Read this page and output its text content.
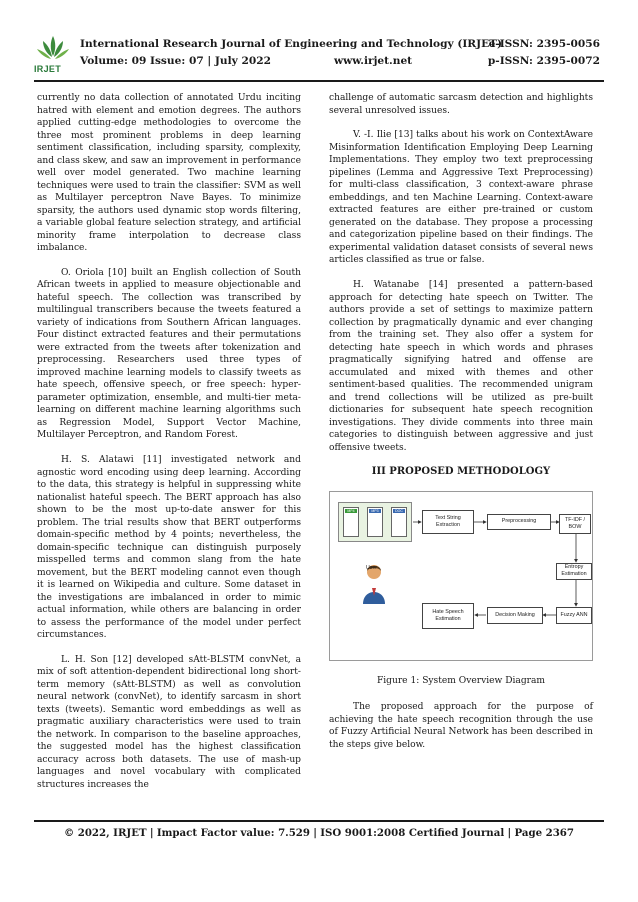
IRJET
International Research Journal of Engineering and Technology (IRJET)
e-ISSN: 2395-0056
Volume: 09 Issue: 07 | July 2022	www.irjet.net	p-ISSN: 2395-0072

currently no data collection of annotated Urdu inciting hatred with element and emotion degrees. The authors applied cutting-edge methodologies to overcome the three most prominent problems in deep learning sentiment classification, including sparsity, complexity, and class skew, and saw an improvement in performance well over model generated. Two machine learning techniques were used to train the classifier: SVM as well as Multilayer perceptron Nave Bayes. To minimize sparsity, the authors used dynamic stop words filtering, a variable global feature selection strategy, and artificial minority frame interpolation to decrease class imbalance.

O. Oriola [10] built an English collection of South African tweets in applied to measure objectionable and hateful speech. The collection was transcribed by multilingual transcribers because the tweets featured a variety of indications from Southern African languages. Four distinct extracted features and their permutations were extracted from the tweets after tokenization and preprocessing. Researchers used three types of improved machine learning models to classify tweets as hate speech, offensive speech, or free speech: hyper-parameter optimization, ensemble, and multi-tier meta-learning on different machine learning algorithms such as Regression Model, Support Vector Machine, Multilayer Perceptron, and Random Forest.

H. S. Alatawi [11] investigated network and agnostic word encoding using deep learning. According to the data, this strategy is helpful in suppressing white nationalist hateful speech. The BERT approach has also shown to be the most up-to-date answer for this problem. The trial results show that BERT outperforms domain-specific method by 4 points; nevertheless, the domain-specific technique can distinguish purposely misspelled terms and common slang from the hate movement, but the BERT modeling cannot even though it is learned on Wikipedia and culture. Some dataset in the investigations are imbalanced in order to mimic actual information, while others are balancing in order to assess the performance of the model under perfect circumstances.

L. H. Son [12] developed sAtt-BLSTM convNet, a mix of soft attention-dependent bidirectional long short-term memory (sAtt-BLSTM) as well as convolution neural network (convNet), to identify sarcasm in short texts (tweets). Semantic word embeddings as well as pragmatic auxiliary characteristics were used to train the network. In comparison to the baseline approaches, the suggested model has the highest classification accuracy across both datasets. The use of mash-up languages and novel vocabulary with complicated structures increases the

challenge of automatic sarcasm detection and highlights several unresolved issues.

V. -I. Ilie [13] talks about his work on ContextAware Misinformation Identification Employing Deep Learning Implementations. They employ two text preprocessing pipelines (Lemma and Aggressive Text Preprocessing) for multi-class classification, 3 context-aware phrase embeddings, and ten Machine Learning. Context-aware extracted features are either pre-trained or custom generated on the database. They propose a processing and categorization pipeline based on their findings. The experimental validation dataset consists of several news articles classified as true or false.

H. Watanabe [14] presented a pattern-based approach for detecting hate speech on Twitter. The authors provide a set of settings to maximize pattern collection by pragmatically dynamic and ever changing from the training set. They also offer a system for detecting hate speech in which words and phrases pragmatically signifying hatred and offense are accumulated and mixed with themes and other sentiment-based qualities. The recommended unigram and trend collections will be utilized as pre-built dictionaries for subsequent hate speech recognition investigations. They divide comments into three main categories to distinguish between aggressive and just offensive tweets.

III PROPOSED METHODOLOGY
MP4	MP3	DOC
User
Text String Extraction
Preprocessing	TF-IDF / BOW
Entropy Estimation
Fuzzy ANN
Decision Making
Hate Speech Estimation
Figure 1: System Overview Diagram

The proposed approach for the purpose of achieving the hate speech recognition through the use of Fuzzy Artificial Neural Network has been described in the steps give below.

© 2022, IRJET | Impact Factor value: 7.529 | ISO 9001:2008 Certified Journal | Page 2367
